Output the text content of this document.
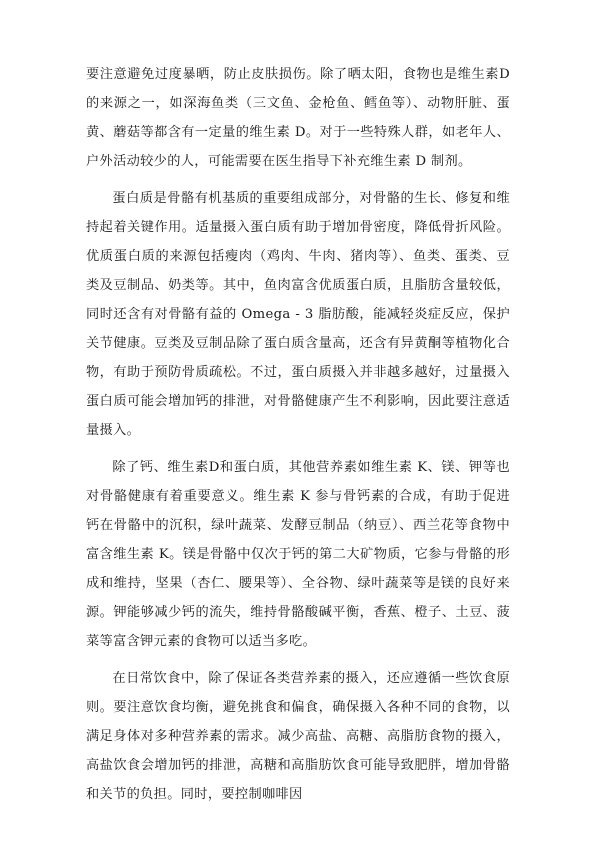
要注意避免过度暴晒，防止皮肤损伤。除了晒太阳，食物也是维生素D的来源之一，如深海鱼类（三文鱼、金枪鱼、鳕鱼等）、动物肝脏、蛋黄、蘑菇等都含有一定量的维生素 D。对于一些特殊人群，如老年人、户外活动较少的人，可能需要在医生指导下补充维生素 D 制剂。

蛋白质是骨骼有机基质的重要组成部分，对骨骼的生长、修复和维持起着关键作用。适量摄入蛋白质有助于增加骨密度，降低骨折风险。优质蛋白质的来源包括瘦肉（鸡肉、牛肉、猪肉等）、鱼类、蛋类、豆类及豆制品、奶类等。其中，鱼肉富含优质蛋白质，且脂肪含量较低，同时还含有对骨骼有益的 Omega - 3 脂肪酸，能减轻炎症反应，保护关节健康。豆类及豆制品除了蛋白质含量高，还含有异黄酮等植物化合物，有助于预防骨质疏松。不过，蛋白质摄入并非越多越好，过量摄入蛋白质可能会增加钙的排泄，对骨骼健康产生不利影响，因此要注意适量摄入。

除了钙、维生素D和蛋白质，其他营养素如维生素 K、镁、钾等也对骨骼健康有着重要意义。维生素 K 参与骨钙素的合成，有助于促进钙在骨骼中的沉积，绿叶蔬菜、发酵豆制品（纳豆）、西兰花等食物中富含维生素 K。镁是骨骼中仅次于钙的第二大矿物质，它参与骨骼的形成和维持，坚果（杏仁、腰果等）、全谷物、绿叶蔬菜等是镁的良好来源。钾能够减少钙的流失，维持骨骼酸碱平衡，香蕉、橙子、土豆、菠菜等富含钾元素的食物可以适当多吃。

在日常饮食中，除了保证各类营养素的摄入，还应遵循一些饮食原则。要注意饮食均衡，避免挑食和偏食，确保摄入各种不同的食物，以满足身体对多种营养素的需求。减少高盐、高糖、高脂肪食物的摄入，高盐饮食会增加钙的排泄，高糖和高脂肪饮食可能导致肥胖，增加骨骼和关节的负担。同时，要控制咖啡因
